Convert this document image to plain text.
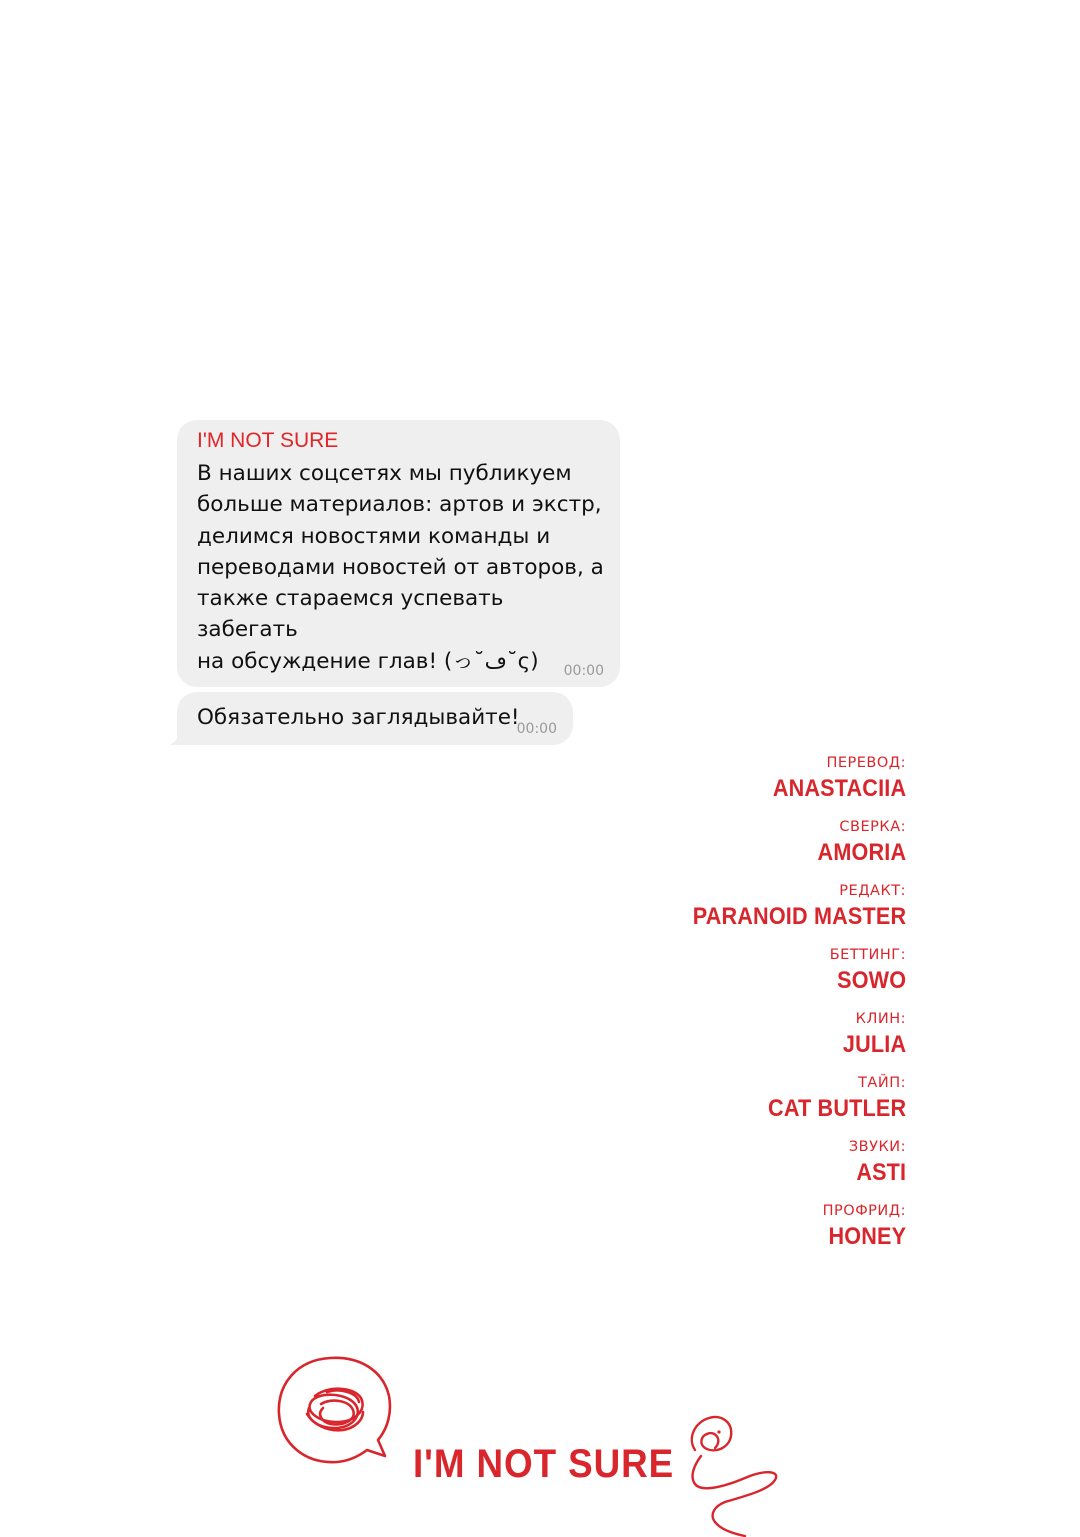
I'M NOT SURE
В наших соцсетях мы публикуем
больше материалов: артов и экстр,
делимся новостями команды и
переводами новостей от авторов, а
также стараемся успевать забегать
на обсуждение глав! (っ˘ڡ˘ς)	00:00
Обязательно заглядывайте!
00:00
ПЕРЕВОД:
ANASTACIIA
СВЕРКА:
AMORIA
РЕДАКТ:
PARANOID MASTER
БЕТТИНГ:
SOWO
КЛИН:
JULIA
ТАЙП:
CAT BUTLER
ЗВУКИ:
ASTI
ПРОФРИД:
HONEY
I'M NOT SURE
